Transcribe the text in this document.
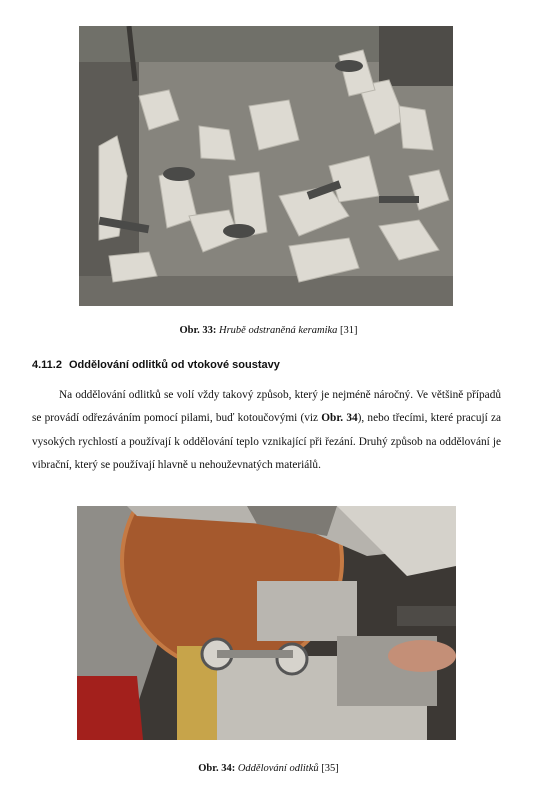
Obr. 33: Hrubě odstraněná keramika [31]
4.11.2 Oddělování odlitků od vtokové soustavy

Na oddělování odlitků se volí vždy takový způsob, který je nejméně náročný. Ve většině případů se provádí odřezáváním pomocí pilami, buď kotoučovými (viz Obr. 34), nebo třecími, které pracují za vysokých rychlostí a používají k oddělování teplo vznikající při řezání. Druhý způsob na oddělování je vibrační, který se používají hlavně u nehouževnatých materiálů.

Obr. 34: Oddělování odlitků [35]
